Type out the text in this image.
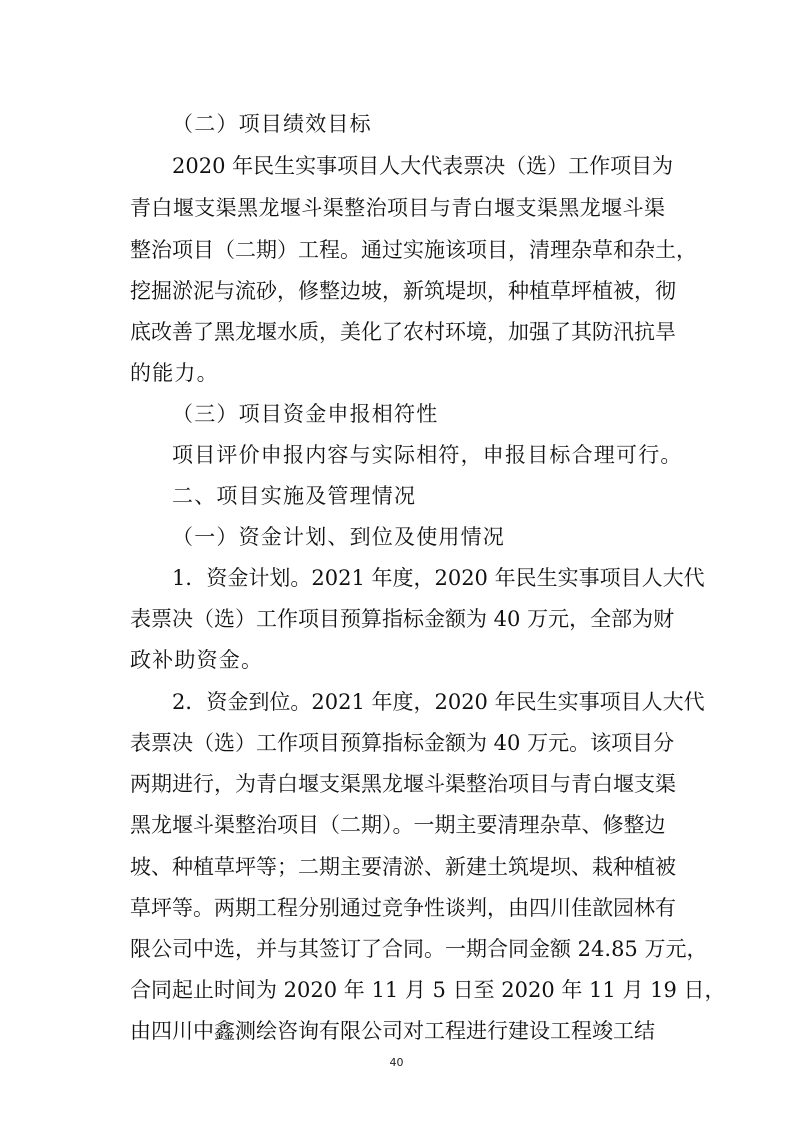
（二）项目绩效目标
2020 年民生实事项目人大代表票决（选）工作项目为
青白堰支渠黑龙堰斗渠整治项目与青白堰支渠黑龙堰斗渠
整治项目（二期）工程。通过实施该项目，清理杂草和杂土，
挖掘淤泥与流砂，修整边坡，新筑堤坝，种植草坪植被，彻
底改善了黑龙堰水质，美化了农村环境，加强了其防汛抗旱
的能力。
（三）项目资金申报相符性
项目评价申报内容与实际相符，申报目标合理可行。
二、项目实施及管理情况
（一）资金计划、到位及使用情况
1．资金计划。2021 年度，2020 年民生实事项目人大代
表票决（选）工作项目预算指标金额为 40 万元，全部为财
政补助资金。
2．资金到位。2021 年度，2020 年民生实事项目人大代
表票决（选）工作项目预算指标金额为 40 万元。该项目分
两期进行，为青白堰支渠黑龙堰斗渠整治项目与青白堰支渠
黑龙堰斗渠整治项目（二期）。一期主要清理杂草、修整边
坡、种植草坪等；二期主要清淤、新建土筑堤坝、栽种植被
草坪等。两期工程分别通过竞争性谈判，由四川佳歆园林有
限公司中选，并与其签订了合同。一期合同金额 24.85 万元，
合同起止时间为 2020 年 11 月 5 日至 2020 年 11 月 19 日，
由四川中鑫测绘咨询有限公司对工程进行建设工程竣工结
40
